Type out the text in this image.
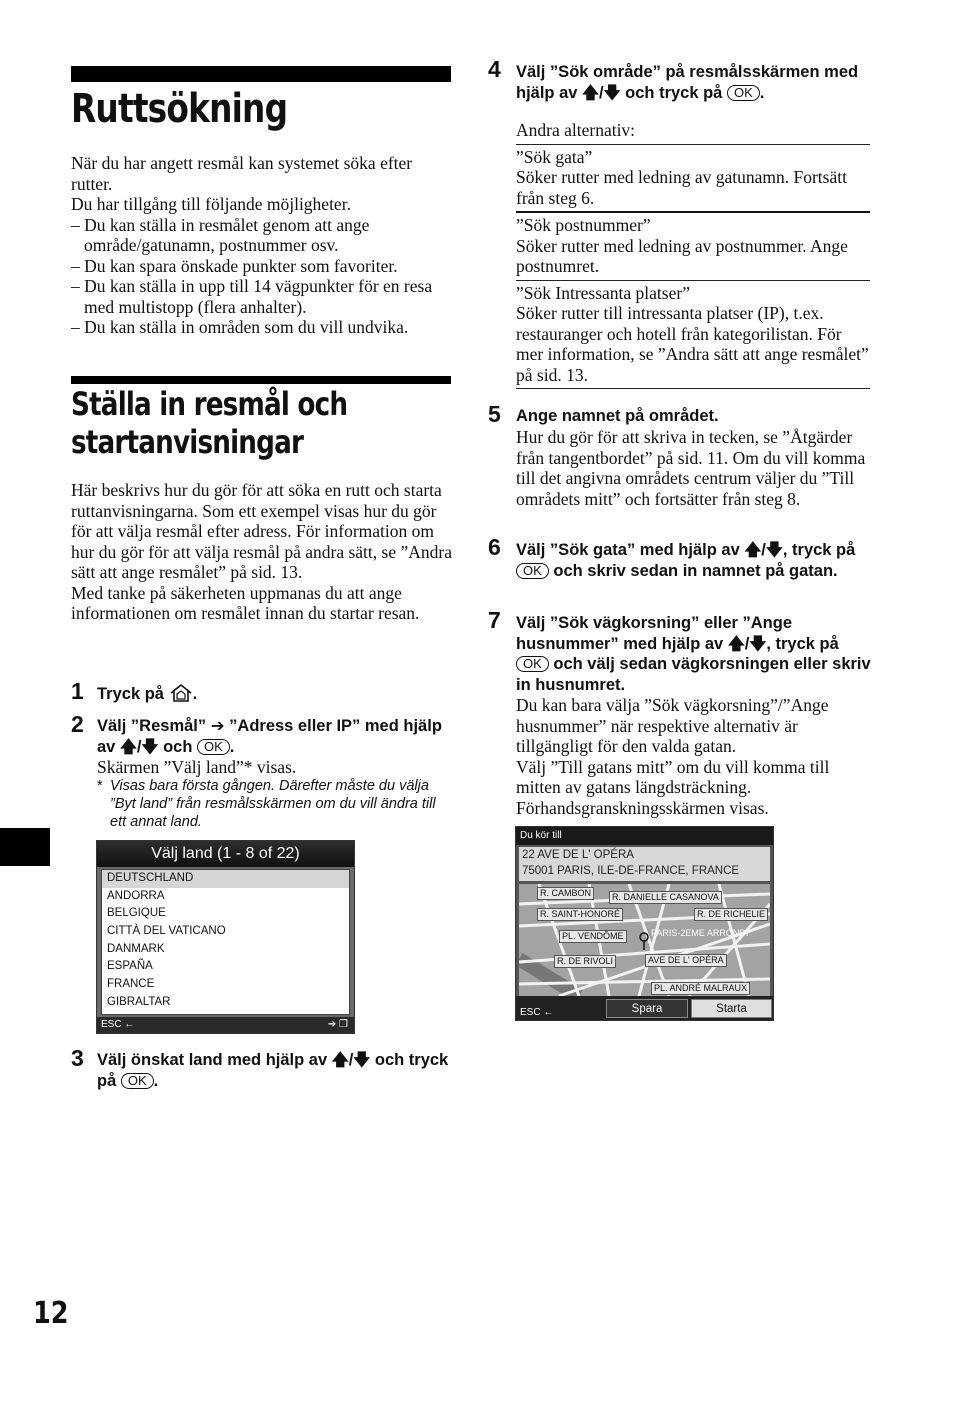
Ruttsökning

När du har angett resmål kan systemet söka efter rutter.

Du har tillgång till följande möjligheter.

– Du kan ställa in resmålet genom att ange område/gatunamn, postnummer osv.

– Du kan spara önskade punkter som favoriter.

– Du kan ställa in upp till 14 vägpunkter för en resa med multistopp (flera anhalter).

– Du kan ställa in områden som du vill undvika.

Ställa in resmål och
startanvisningar

Här beskrivs hur du gör för att söka en rutt och starta ruttanvisningarna. Som ett exempel visas hur du gör för att välja resmål efter adress. För information om hur du gör för att välja resmål på andra sätt, se ”Andra sätt att ange resmålet” på sid. 13.

Med tanke på säkerheten uppmanas du att ange informationen om resmålet innan du startar resan.

1 Tryck på .
2 Välj ”Resmål” ➔ ”Adress eller IP” med hjälp av 🡅/🡇 och OK .
Skärmen ”Välj land”* visas.
* Visas bara första gången. Därefter måste du välja ”Byt land” från resmålsskärmen om du vill ändra till ett annat land.
Välj land (1 - 8 of 22)
DEUTSCHLAND
ANDORRA
BELGIQUE
CITTÀ DEL VATICANO
DANMARK
ESPAÑA
FRANCE
GIBRALTAR
ESC ←	➔ ❐
3 Välj önskat land med hjälp av 🡅/🡇 och tryck på OK .
12
4 Välj ”Sök område” på resmålsskärmen med hjälp av 🡅/🡇 och tryck på OK .
Andra alternativ:
”Sök gata”
Söker rutter med ledning av gatunamn. Fortsätt från steg 6.
”Sök postnummer”
Söker rutter med ledning av postnummer. Ange postnumret.
”Sök Intressanta platser”
Söker rutter till intressanta platser (IP), t.ex. restauranger och hotell från kategorilistan. För mer information, se ”Andra sätt att ange resmålet” på sid. 13.
5 Ange namnet på området.
Hur du gör för att skriva in tecken, se ”Åtgärder från tangentbordet” på sid. 11. Om du vill komma till det angivna områdets centrum väljer du ”Till områdets mitt” och fortsätter från steg 8.
6 Välj ”Sök gata” med hjälp av 🡅/🡇, tryck på OK och skriv sedan in namnet på gatan.
7 Välj ”Sök vägkorsning” eller ”Ange husnummer” med hjälp av 🡅/🡇, tryck på OK och välj sedan vägkorsningen eller skriv in husnumret.

Du kan bara välja ”Sök vägkorsning”/”Ange husnummer” när respektive alternativ är tillgängligt för den valda gatan.

Välj ”Till gatans mitt” om du vill komma till mitten av gatans längdsträckning. Förhandsgranskningsskärmen visas.

Du kör till
22 AVE DE L' OPÉRA
75001 PARIS, ILE-DE-FRANCE, FRANCE
R. CAMBON	R. DANIELLE CASANOVA
R. SAINT-HONORÉ	R. DE RICHELIE
PL. VENDÔME	PARIS-2EME ARRONDI
R. DE RIVOLI	AVE DE L' OPÉRA
PL. ANDRÉ MALRAUX
ESC ←	Spara	Starta
